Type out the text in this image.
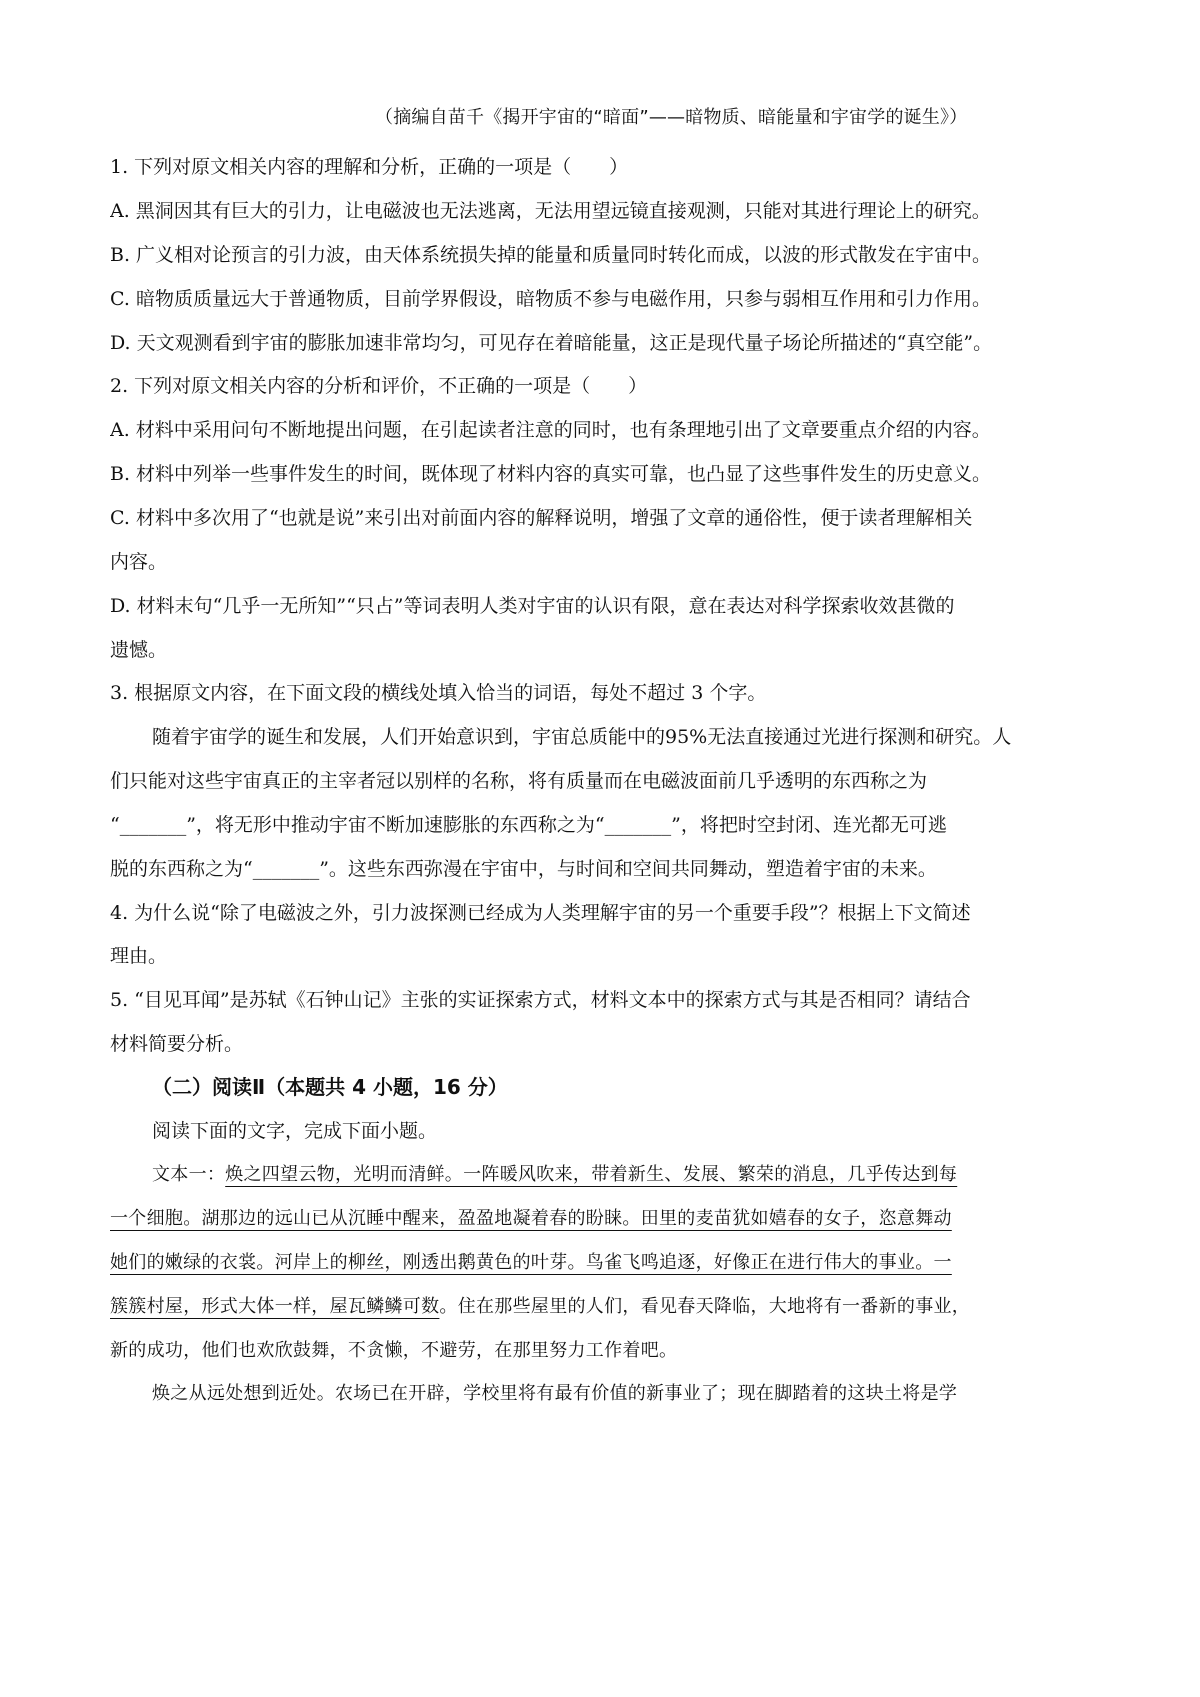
（摘编自苗千《揭开宇宙的“暗面”——暗物质、暗能量和宇宙学的诞生》）
1. 下列对原文相关内容的理解和分析，正确的一项是（　　）
A. 黑洞因其有巨大的引力，让电磁波也无法逃离，无法用望远镜直接观测，只能对其进行理论上的研究。
B. 广义相对论预言的引力波，由天体系统损失掉的能量和质量同时转化而成，以波的形式散发在宇宙中。
C. 暗物质质量远大于普通物质，目前学界假设，暗物质不参与电磁作用，只参与弱相互作用和引力作用。
D. 天文观测看到宇宙的膨胀加速非常均匀，可见存在着暗能量，这正是现代量子场论所描述的“真空能”。
2. 下列对原文相关内容的分析和评价，不正确的一项是（　　）
A. 材料中采用问句不断地提出问题，在引起读者注意的同时，也有条理地引出了文章要重点介绍的内容。
B. 材料中列举一些事件发生的时间，既体现了材料内容的真实可靠，也凸显了这些事件发生的历史意义。
C. 材料中多次用了“也就是说”来引出对前面内容的解释说明，增强了文章的通俗性，便于读者理解相关
内容。
D. 材料末句“几乎一无所知”“只占”等词表明人类对宇宙的认识有限，意在表达对科学探索收效甚微的
遗憾。
3. 根据原文内容，在下面文段的横线处填入恰当的词语，每处不超过 3 个字。
随着宇宙学的诞生和发展，人们开始意识到，宇宙总质能中的95%无法直接通过光进行探测和研究。人
们只能对这些宇宙真正的主宰者冠以别样的名称，将有质量而在电磁波面前几乎透明的东西称之为
“_______”，将无形中推动宇宙不断加速膨胀的东西称之为“_______”，将把时空封闭、连光都无可逃
脱的东西称之为“_______”。这些东西弥漫在宇宙中，与时间和空间共同舞动，塑造着宇宙的未来。
4. 为什么说“除了电磁波之外，引力波探测已经成为人类理解宇宙的另一个重要手段”？根据上下文简述
理由。
5. “目见耳闻”是苏轼《石钟山记》主张的实证探索方式，材料文本中的探索方式与其是否相同？请结合
材料简要分析。
（二）阅读Ⅱ（本题共 4 小题，16 分）
阅读下面的文字，完成下面小题。
文本一：焕之四望云物，光明而清鲜。一阵暖风吹来，带着新生、发展、繁荣的消息，几乎传达到每
一个细胞。湖那边的远山已从沉睡中醒来，盈盈地凝着春的盼睐。田里的麦苗犹如嬉春的女子，恣意舞动
她们的嫩绿的衣裳。河岸上的柳丝，刚透出鹅黄色的叶芽。鸟雀飞鸣追逐，好像正在进行伟大的事业。一
簇簇村屋，形式大体一样，屋瓦鳞鳞可数。住在那些屋里的人们，看见春天降临，大地将有一番新的事业，
新的成功，他们也欢欣鼓舞，不贪懒，不避劳，在那里努力工作着吧。
焕之从远处想到近处。农场已在开辟，学校里将有最有价值的新事业了；现在脚踏着的这块土将是学
